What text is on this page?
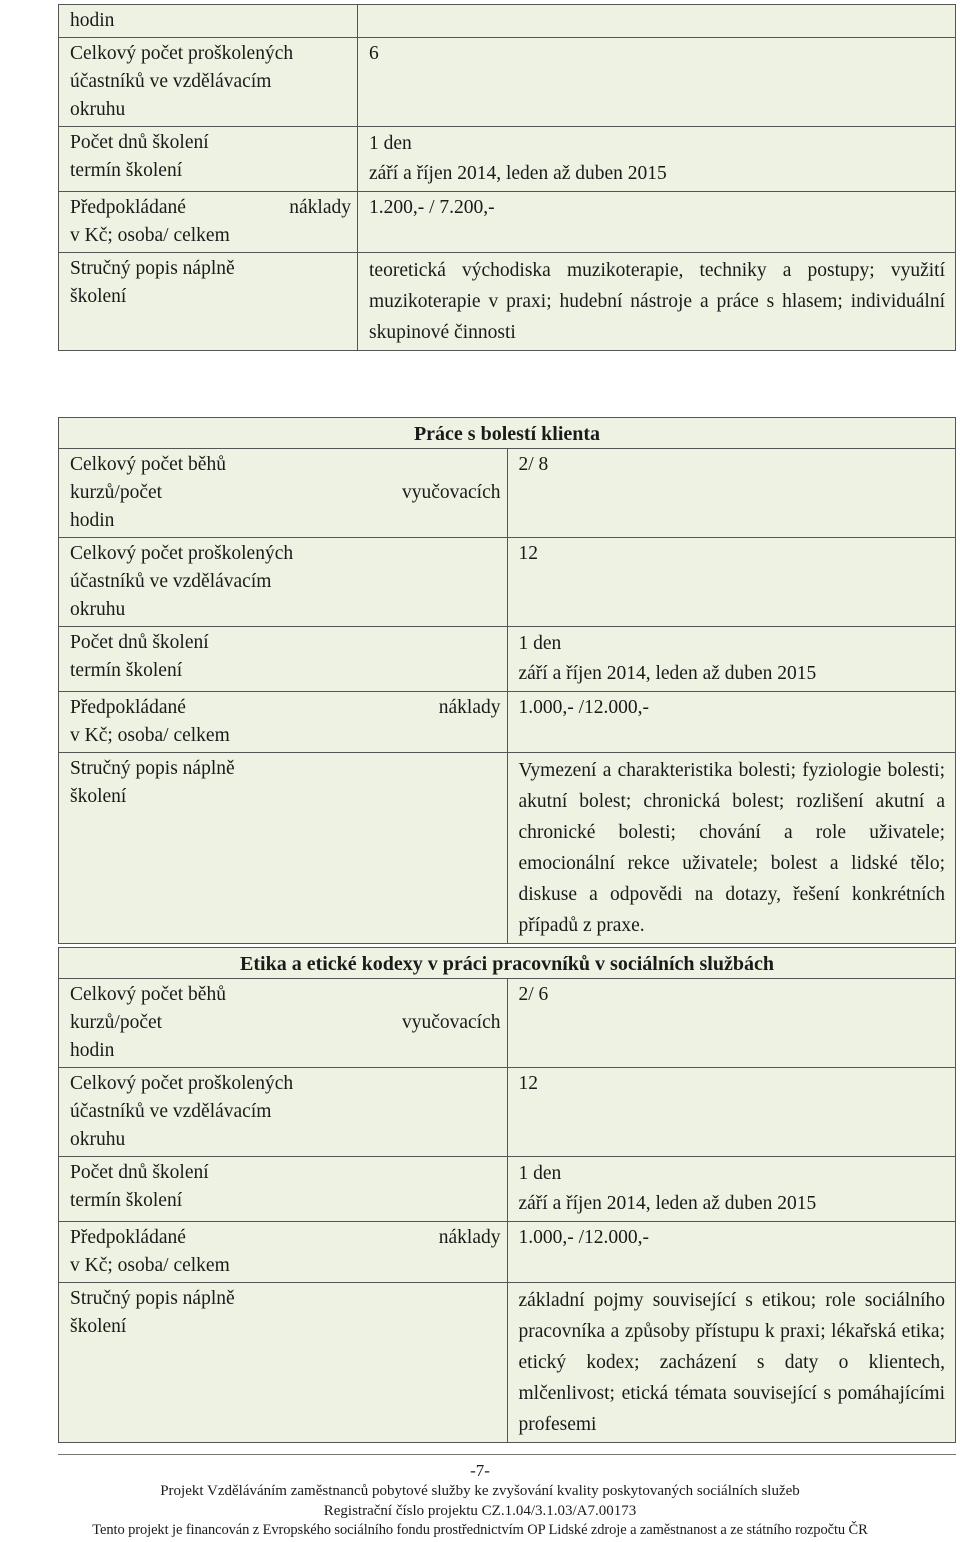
hodin	

Celkový počet proškolených
účastníků ve vzdělávacím
okruhu	6

Počet dnů školení
termín školení	1 den
září a říjen 2014, leden až duben 2015

Předpokládané náklady
v Kč; osoba/ celkem	1.200,- / 7.200,-

Stručný popis náplně
školení	teoretická východiska muzikoterapie, techniky a postupy; využití muzikoterapie v praxi; hudební nástroje a práce s hlasem; individuální skupinové činnosti
Práce s bolestí klienta	

Celkový počet běhů
kurzů/počet vyučovacích
hodin	2/ 8

Celkový počet proškolených
účastníků ve vzdělávacím
okruhu	12

Počet dnů školení
termín školení	1 den
září a říjen 2014, leden až duben 2015

Předpokládané náklady
v Kč; osoba/ celkem	1.000,- /12.000,-

Stručný popis náplně
školení	Vymezení a charakteristika bolesti; fyziologie bolesti; akutní bolest; chronická bolest; rozlišení akutní a chronické bolesti; chování a role uživatele; emocionální rekce uživatele; bolest a lidské tělo; diskuse a odpovědi na dotazy, řešení konkrétních případů z praxe.
Etika a etické kodexy v práci pracovníků v sociálních službách	

Celkový počet běhů
kurzů/počet vyučovacích
hodin	2/ 6

Celkový počet proškolených
účastníků ve vzdělávacím
okruhu	12

Počet dnů školení
termín školení	1 den
září a říjen 2014, leden až duben 2015

Předpokládané náklady
v Kč; osoba/ celkem	1.000,- /12.000,-

Stručný popis náplně
školení	základní pojmy související s etikou; role sociálního pracovníka a způsoby přístupu k praxi; lékařská etika; etický kodex; zacházení s daty o klientech, mlčenlivost; etická témata související s pomáhajícími profesemi
-7-
Projekt Vzděláváním zaměstnanců pobytové služby ke zvyšování kvality poskytovaných sociálních služeb
Registrační číslo projektu CZ.1.04/3.1.03/A7.00173
Tento projekt je financován z Evropského sociálního fondu prostřednictvím OP Lidské zdroje a zaměstnanost a ze státního rozpočtu ČR
